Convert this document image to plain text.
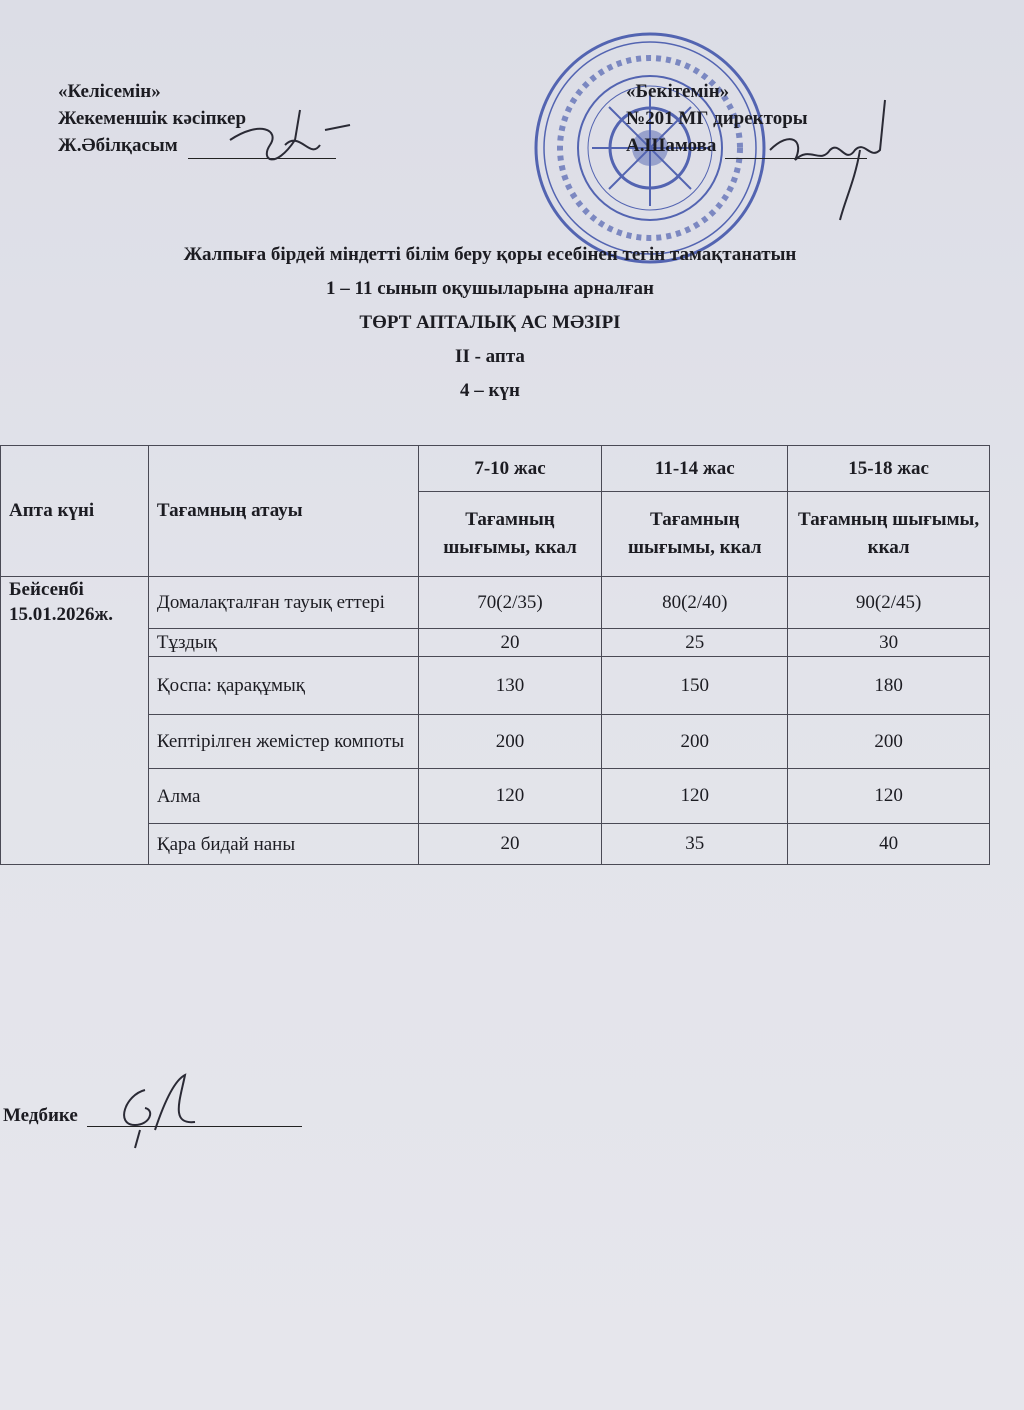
«Келісемін»
Жекеменшік кәсіпкер
Ж.Әбілқасым
«Бекітемін»
№201 МГ директоры
А.Шамова
Жалпыға бірдей міндетті білім беру қоры есебінен тегін тамақтанатын
1 – 11 сынып оқушыларына арналған
ТӨРТ АПТАЛЫҚ АС МӘЗІРІ
ІІ - апта
4 – күн
Апта күні	Тағамның атауы	7-10 жас	11-14 жас	15-18 жас
		Тағамның шығымы, ккал	Тағамның шығымы, ккал	Тағамның шығымы, ккал
Бейсенбі 15.01.2026ж.	Домалақталған тауық еттері	70(2/35)	80(2/40)	90(2/45)
	Тұздық	20	25	30
	Қоспа: қарақұмық	130	150	180
	Кептірілген жемістер компоты	200	200	200
	Алма	120	120	120
	Қара бидай наны	20	35	40
Медбике
